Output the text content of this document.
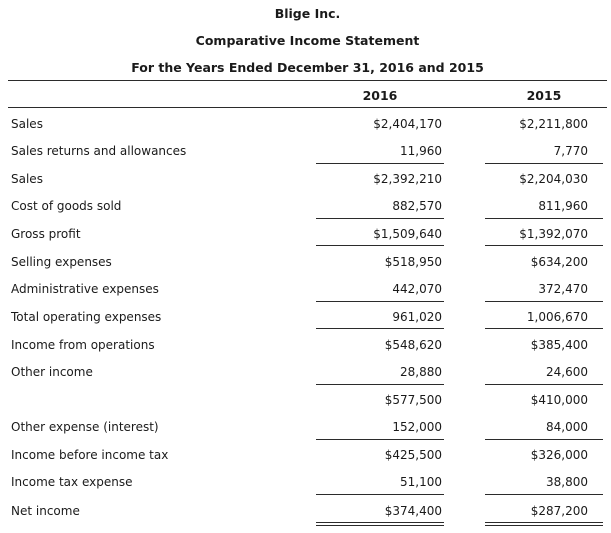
Blige Inc.
Comparative Income Statement
For the Years Ended December 31, 2016 and 2015
2016	2015
Sales	$2,404,170	$2,211,800
Sales returns and allowances	11,960	7,770
Sales	$2,392,210	$2,204,030
Cost of goods sold	882,570	811,960
Gross profit	$1,509,640	$1,392,070
Selling expenses	$518,950	$634,200
Administrative expenses	442,070	372,470
Total operating expenses	961,020	1,006,670
Income from operations	$548,620	$385,400
Other income	28,880	24,600
$577,500	$410,000
Other expense (interest)	152,000	84,000
Income before income tax	$425,500	$326,000
Income tax expense	51,100	38,800
Net income	$374,400	$287,200
